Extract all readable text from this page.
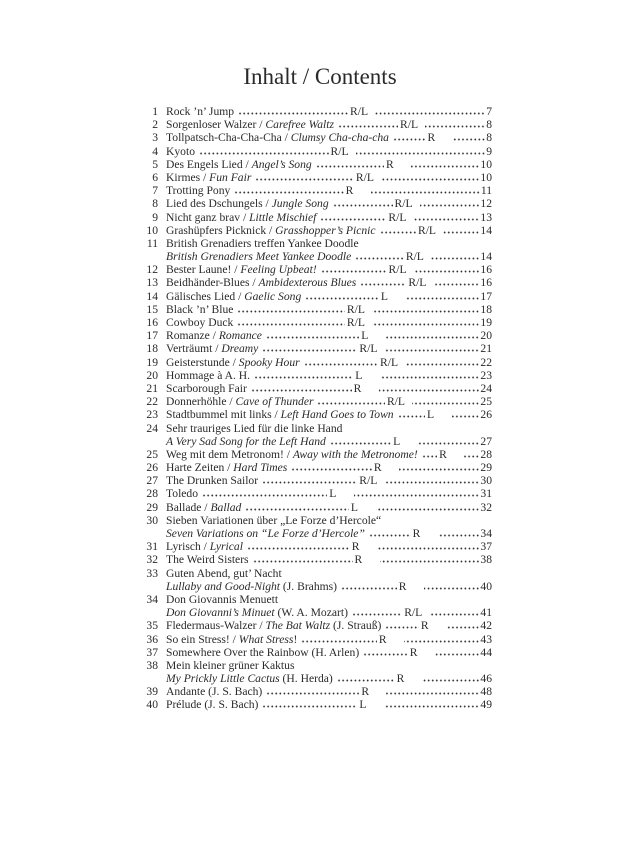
Inhalt / Contents
1 Rock ’n’ Jump	R/L	7
2 Sorgenloser Walzer / Carefree Waltz	R/L	8
3 Tollpatsch-Cha-Cha-Cha / Clumsy Cha-cha-cha	R	8
4 Kyoto	R/L	9
5 Des Engels Lied / Angel’s Song	R	10
6 Kirmes / Fun Fair	R/L	10
7 Trotting Pony	R	11
8 Lied des Dschungels / Jungle Song	R/L	12
9 Nicht ganz brav / Little Mischief	R/L	13
10 Grashüpfers Picknick / Grasshopper’s Picnic	R/L	14
11 British Grenadiers treffen Yankee Doodle
British Grenadiers Meet Yankee Doodle	R/L	14
12 Bester Laune! / Feeling Upbeat!	R/L	16
13 Beidhänder-Blues / Ambidexterous Blues	R/L	16
14 Gälisches Lied / Gaelic Song	L	17
15 Black ’n’ Blue	R/L	18
16 Cowboy Duck	R/L	19
17 Romanze / Romance	L	20
18 Verträumt / Dreamy	R/L	21
19 Geisterstunde / Spooky Hour	R/L	22
20 Hommage à A. H.	L	23
21 Scarborough Fair	R	24
22 Donnerhöhle / Cave of Thunder	R/L	25
23 Stadtbummel mit links / Left Hand Goes to Town	L	26
24 Sehr trauriges Lied für die linke Hand
A Very Sad Song for the Left Hand	L	27
25 Weg mit dem Metronom! / Away with the Metronome! R	28
26 Harte Zeiten / Hard Times	R	29
27 The Drunken Sailor	R/L	30
28 Toledo	L	31
29 Ballade / Ballad	L	32
30 Sieben Variationen über „Le Forze d’Hercole“
Seven Variations on “Le Forze d’Hercole”	R	34
31 Lyrisch / Lyrical	R	37
32 The Weird Sisters	R	38
33 Guten Abend, gut’ Nacht
Lullaby and Good-Night (J. Brahms)	R	40
34 Don Giovannis Menuett
Don Giovanni’s Minuet (W. A. Mozart)	R/L	41
35 Fledermaus-Walzer / The Bat Waltz (J. Strauß)	R	42
36 So ein Stress! / What Stress!	R	43
37 Somewhere Over the Rainbow (H. Arlen)	R	44
38 Mein kleiner grüner Kaktus
My Prickly Little Cactus (H. Herda)	R	46
39 Andante (J. S. Bach)	R	48
40 Prélude (J. S. Bach)	L	49
